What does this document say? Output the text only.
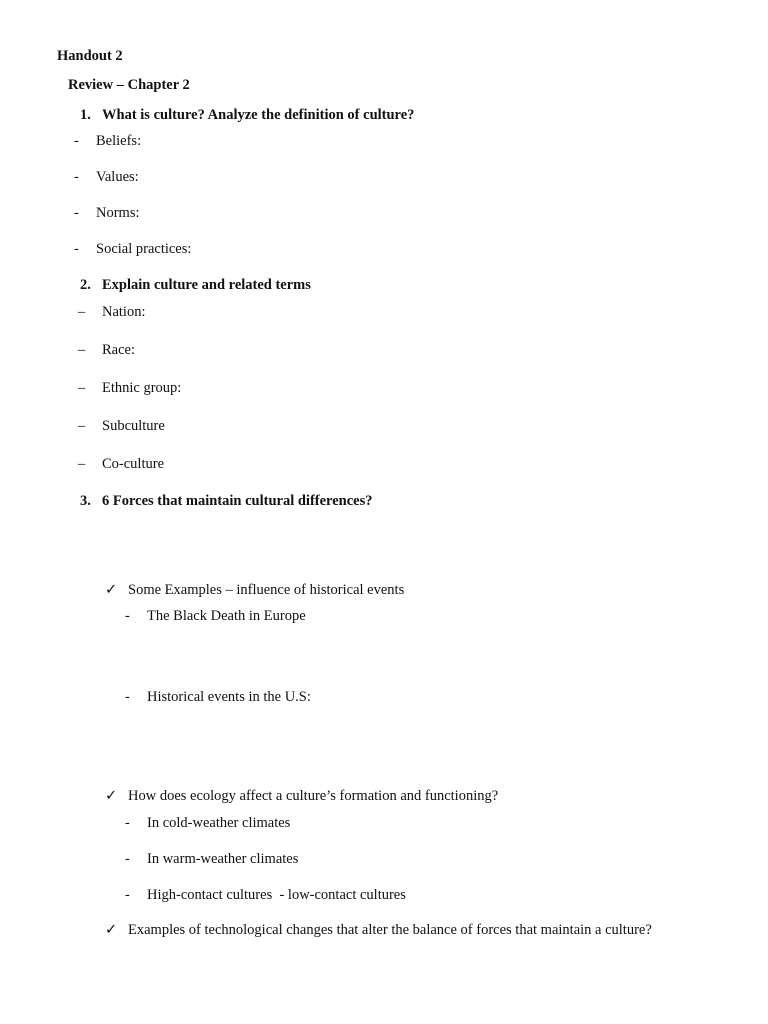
Handout 2
Review – Chapter 2
1. What is culture? Analyze the definition of culture?
- Beliefs:
- Values:
- Norms:
- Social practices:
2. Explain culture and related terms
– Nation:
– Race:
– Ethnic group:
– Subculture
– Co-culture
3. 6 Forces that maintain cultural differences?
✓ Some Examples – influence of historical events
- The Black Death in Europe
- Historical events in the U.S:
✓ How does ecology affect a culture’s formation and functioning?
- In cold-weather climates
- In warm-weather climates
- High-contact cultures  - low-contact cultures
✓ Examples of technological changes that alter the balance of forces that maintain a culture?
